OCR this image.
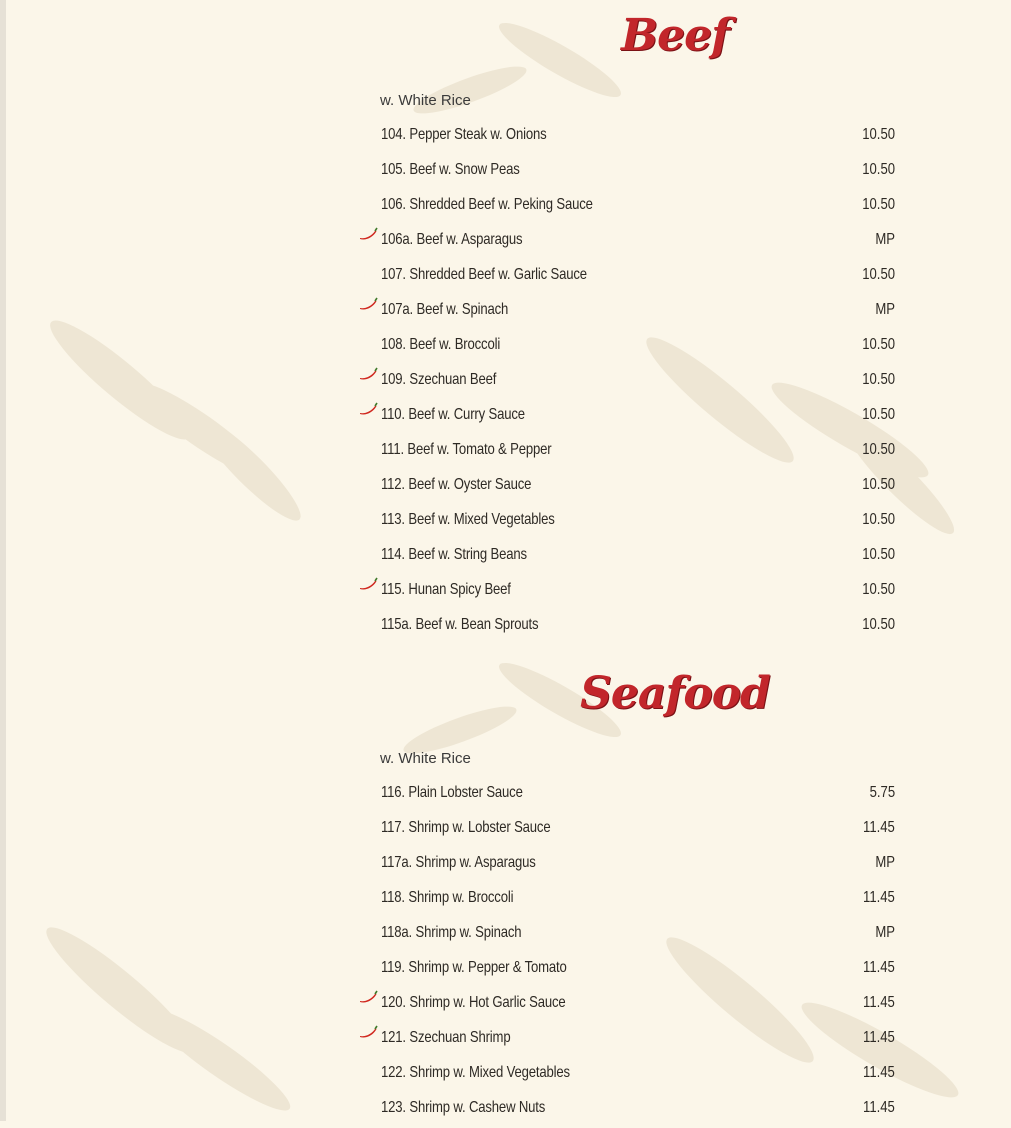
Beef
w. White Rice
104. Pepper Steak w. Onions	10.50
105. Beef w. Snow Peas	10.50
106. Shredded Beef w. Peking Sauce	10.50
106a. Beef w. Asparagus	MP
107. Shredded Beef w. Garlic Sauce	10.50
107a. Beef w. Spinach	MP
108. Beef w. Broccoli	10.50
109. Szechuan Beef	10.50
110. Beef w. Curry Sauce	10.50
111. Beef w. Tomato & Pepper	10.50
112. Beef w. Oyster Sauce	10.50
113. Beef w. Mixed Vegetables	10.50
114. Beef w. String Beans	10.50
115. Hunan Spicy Beef	10.50
115a. Beef w. Bean Sprouts	10.50
Seafood
w. White Rice
116. Plain Lobster Sauce	5.75
117. Shrimp w. Lobster Sauce	11.45
117a. Shrimp w. Asparagus	MP
118. Shrimp w. Broccoli	11.45
118a. Shrimp w. Spinach	MP
119. Shrimp w. Pepper & Tomato	11.45
120. Shrimp w. Hot Garlic Sauce	11.45
121. Szechuan Shrimp	11.45
122. Shrimp w. Mixed Vegetables	11.45
123. Shrimp w. Cashew Nuts	11.45
